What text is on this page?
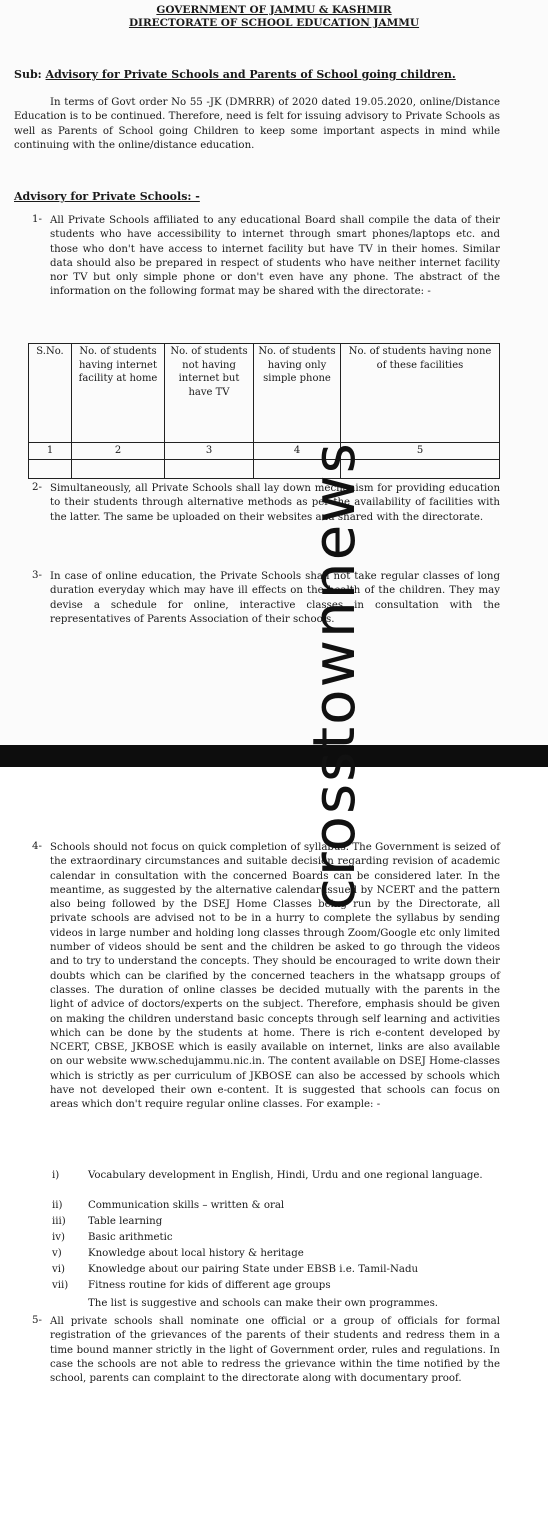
GOVERNMENT OF JAMMU & KASHMIR
DIRECTORATE OF SCHOOL EDUCATION JAMMU
Sub: Advisory for Private Schools and Parents of School going children.
In terms of Govt order No 55 -JK (DMRRR) of 2020 dated 19.05.2020, online/Distance Education is to be continued. Therefore, need is felt for issuing advisory to Private Schools as well as Parents of School going Children to keep some important aspects in mind while continuing with the online/distance education.
Advisory for Private Schools: -
1- All Private Schools affiliated to any educational Board shall compile the data of their students who have accessibility to internet through smart phones/laptops etc. and those who don't have access to internet facility but have TV in their homes. Similar data should also be prepared in respect of students who have neither internet facility nor TV but only simple phone or don't even have any phone. The abstract of the information on the following format may be shared with the directorate: -
S.No.	No. of students having internet facility at home	No. of students not having internet but have TV	No. of students having only simple phone	No. of students having none of these facilities
1	2	3	4	5

2- Simultaneously, all Private Schools shall lay down mechanism for providing education to their students through alternative methods as per the availability of facilities with the latter. The same be uploaded on their websites and shared with the directorate.
3- In case of online education, the Private Schools shall not take regular classes of long duration everyday which may have ill effects on the health of the children. They may devise a schedule for online, interactive classes in consultation with the representatives of Parents Association of their schools.
4- Schools should not focus on quick completion of syllabus. The Government is seized of the extraordinary circumstances and suitable decision regarding revision of academic calendar in consultation with the concerned Boards can be considered later. In the meantime, as suggested by the alternative calendar issued by NCERT and the pattern also being followed by the DSEJ Home Classes being run by the Directorate, all private schools are advised not to be in a hurry to complete the syllabus by sending videos in large number and holding long classes through Zoom/Google etc only limited number of videos should be sent and the children be asked to go through the videos and to try to understand the concepts. They should be encouraged to write down their doubts which can be clarified by the concerned teachers in the whatsapp groups of classes. The duration of online classes be decided mutually with the parents in the light of advice of doctors/experts on the subject. Therefore, emphasis should be given on making the children understand basic concepts through self learning and activities which can be done by the students at home. There is rich e-content developed by NCERT, CBSE, JKBOSE which is easily available on internet, links are also available on our website www.schedujammu.nic.in. The content available on DSEJ Home-classes which is strictly as per curriculum of JKBOSE can also be accessed by schools which have not developed their own e-content. It is suggested that schools can focus on areas which don't require regular online classes. For example: -
i)	Vocabulary development in English, Hindi, Urdu and one regional language.
ii)	Communication skills – written & oral
iii) Table learning
iv) Basic arithmetic
v)	Knowledge about local history & heritage
vi) Knowledge about our pairing State under EBSB i.e. Tamil-Nadu
vii) Fitness routine for kids of different age groups
The list is suggestive and schools can make their own programmes.
5- All private schools shall nominate one official or a group of officials for formal registration of the grievances of the parents of their students and redress them in a time bound manner strictly in the light of Government order, rules and regulations. In case the schools are not able to redress the grievance within the time notified by the school, parents can complaint to the directorate along with documentary proof.
crosstownnews
